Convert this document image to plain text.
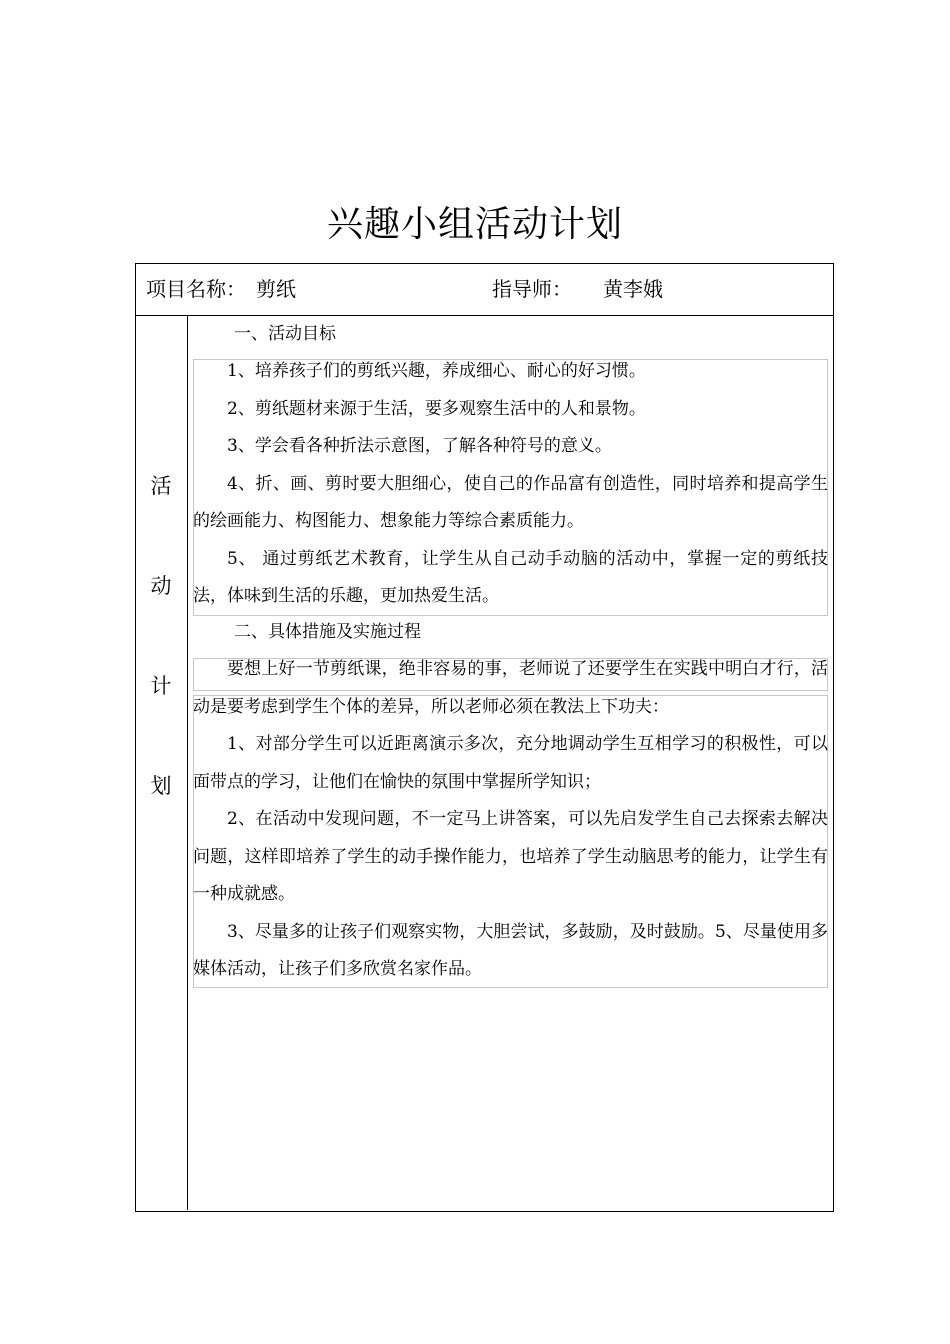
兴趣小组活动计划
项目名称： 剪纸	指导师： 黄李娥
活
动
计
划
一、活动目标
1、培养孩子们的剪纸兴趣，养成细心、耐心的好习惯。
2、剪纸题材来源于生活，要多观察生活中的人和景物。
3、学会看各种折法示意图，了解各种符号的意义。
4、折、画、剪时要大胆细心，使自己的作品富有创造性，同时培养和提高学生的绘画能力、构图能力、想象能力等综合素质能力。
5、 通过剪纸艺术教育，让学生从自己动手动脑的活动中，掌握一定的剪纸技法，体味到生活的乐趣，更加热爱生活。
二、具体措施及实施过程
要想上好一节剪纸课，绝非容易的事，老师说了还要学生在实践中明白才行，活动是要考虑到学生个体的差异，所以老师必须在教法上下功夫：
1、对部分学生可以近距离演示多次，充分地调动学生互相学习的积极性，可以面带点的学习，让他们在愉快的氛围中掌握所学知识；
2、在活动中发现问题，不一定马上讲答案，可以先启发学生自己去探索去解决问题，这样即培养了学生的动手操作能力，也培养了学生动脑思考的能力，让学生有一种成就感。
3、尽量多的让孩子们观察实物，大胆尝试，多鼓励，及时鼓励。5、尽量使用多媒体活动，让孩子们多欣赏名家作品。
